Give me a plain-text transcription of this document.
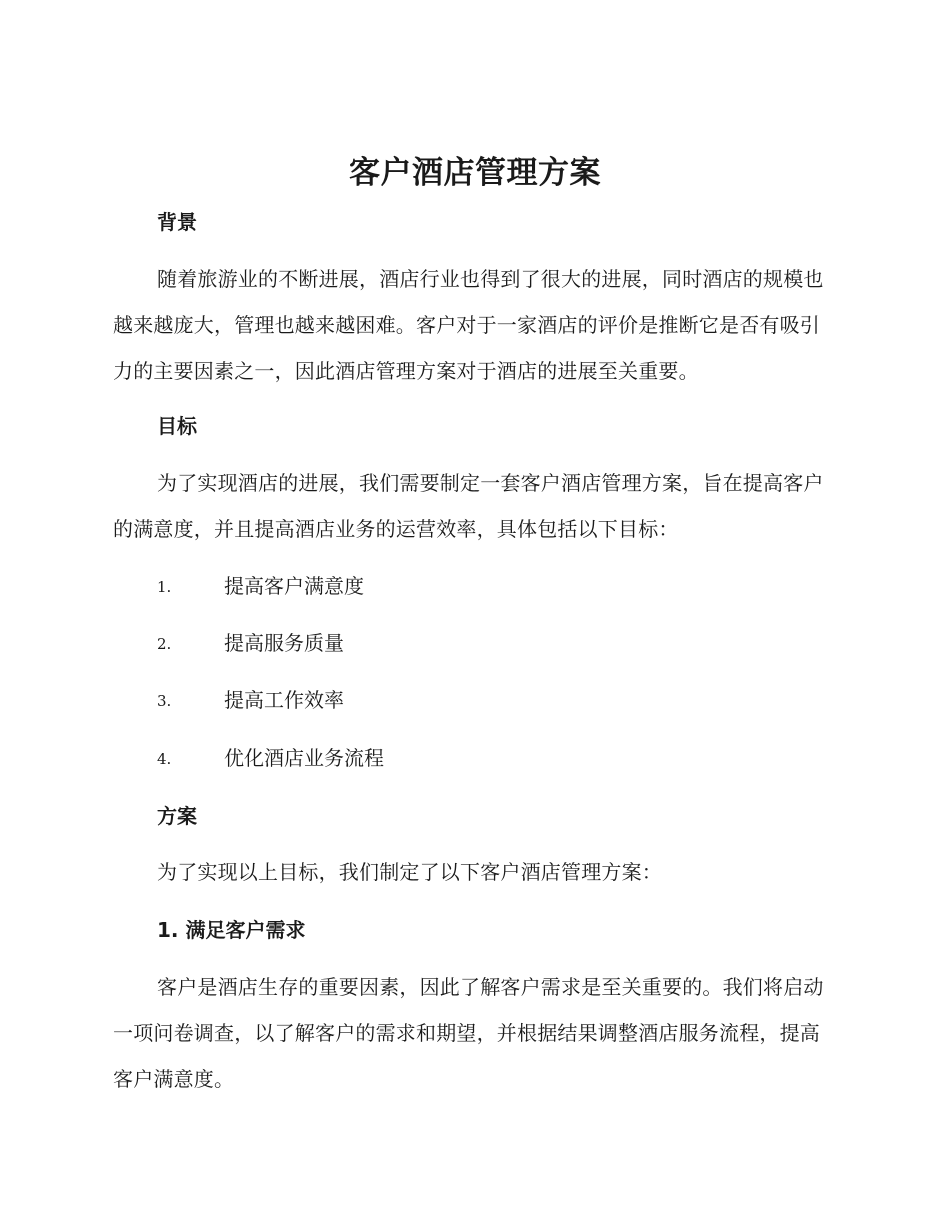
客户酒店管理方案
背景
随着旅游业的不断进展，酒店行业也得到了很大的进展，同时酒店的规模也越来越庞大，管理也越来越困难。客户对于一家酒店的评价是推断它是否有吸引力的主要因素之一，因此酒店管理方案对于酒店的进展至关重要。
目标
为了实现酒店的进展，我们需要制定一套客户酒店管理方案，旨在提高客户的满意度，并且提高酒店业务的运营效率，具体包括以下目标：
1.	提高客户满意度
2.	提高服务质量
3.	提高工作效率
4.	优化酒店业务流程
方案
为了实现以上目标，我们制定了以下客户酒店管理方案：
1. 满足客户需求
客户是酒店生存的重要因素，因此了解客户需求是至关重要的。我们将启动一项问卷调查，以了解客户的需求和期望，并根据结果调整酒店服务流程，提高客户满意度。
